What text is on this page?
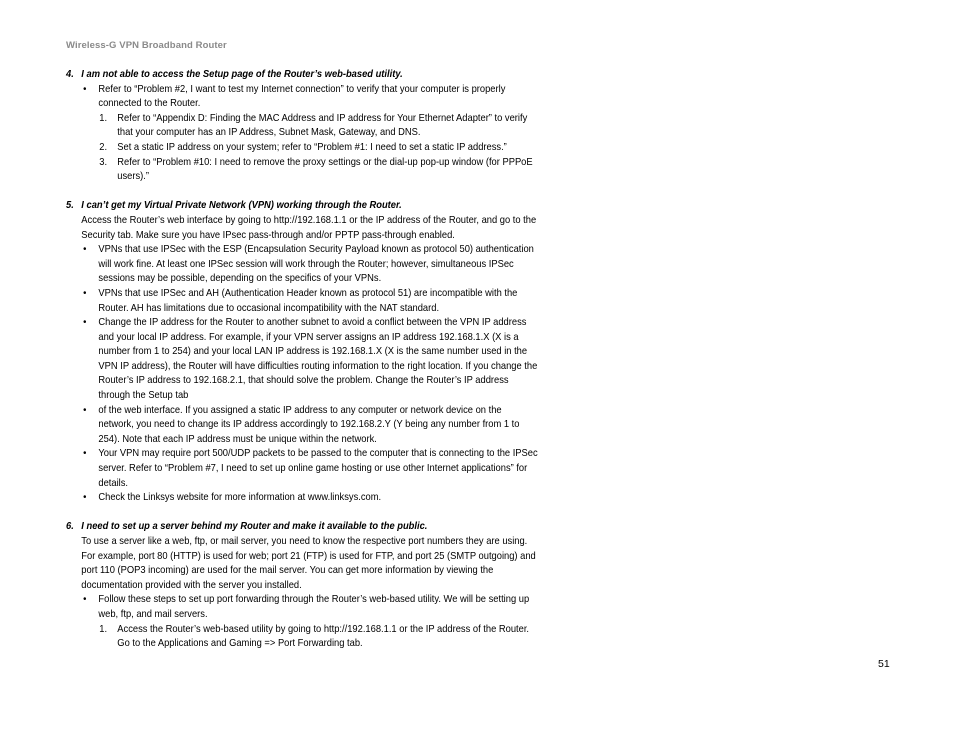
Wireless-G VPN Broadband Router

4. I am not able to access the Setup page of the Router’s web-based utility.

• Refer to “Problem #2, I want to test my Internet connection” to verify that your computer is properly connected to the Router.
1. Refer to “Appendix D: Finding the MAC Address and IP address for Your Ethernet Adapter” to verify that your computer has an IP Address, Subnet Mask, Gateway, and DNS.
2. Set a static IP address on your system; refer to “Problem #1: I need to set a static IP address.”
3. Refer to “Problem #10: I need to remove the proxy settings or the dial-up pop-up window (for PPPoE users).”

5. I can’t get my Virtual Private Network (VPN) working through the Router.

Access the Router’s web interface by going to http://192.168.1.1 or the IP address of the Router, and go to the Security tab. Make sure you have IPsec pass-through and/or PPTP pass-through enabled.

• VPNs that use IPSec with the ESP (Encapsulation Security Payload known as protocol 50) authentication will work fine. At least one IPSec session will work through the Router; however, simultaneous IPSec sessions may be possible, depending on the specifics of your VPNs.
• VPNs that use IPSec and AH (Authentication Header known as protocol 51) are incompatible with the Router. AH has limitations due to occasional incompatibility with the NAT standard.
• Change the IP address for the Router to another subnet to avoid a conflict between the VPN IP address and your local IP address. For example, if your VPN server assigns an IP address 192.168.1.X (X is a number from 1 to 254) and your local LAN IP address is 192.168.1.X (X is the same number used in the VPN IP address), the Router will have difficulties routing information to the right location. If you change the Router’s IP address to 192.168.2.1, that should solve the problem. Change the Router’s IP address through the Setup tab
• of the web interface. If you assigned a static IP address to any computer or network device on the network, you need to change its IP address accordingly to 192.168.2.Y (Y being any number from 1 to 254). Note that each IP address must be unique within the network.
• Your VPN may require port 500/UDP packets to be passed to the computer that is connecting to the IPSec server. Refer to “Problem #7, I need to set up online game hosting or use other Internet applications” for details.
• Check the Linksys website for more information at www.linksys.com.

6. I need to set up a server behind my Router and make it available to the public.

To use a server like a web, ftp, or mail server, you need to know the respective port numbers they are using. For example, port 80 (HTTP) is used for web; port 21 (FTP) is used for FTP, and port 25 (SMTP outgoing) and port 110 (POP3 incoming) are used for the mail server. You can get more information by viewing the documentation provided with the server you installed.

• Follow these steps to set up port forwarding through the Router’s web-based utility. We will be setting up web, ftp, and mail servers.
1. Access the Router’s web-based utility by going to http://192.168.1.1 or the IP address of the Router. Go to the Applications and Gaming => Port Forwarding tab.
51
